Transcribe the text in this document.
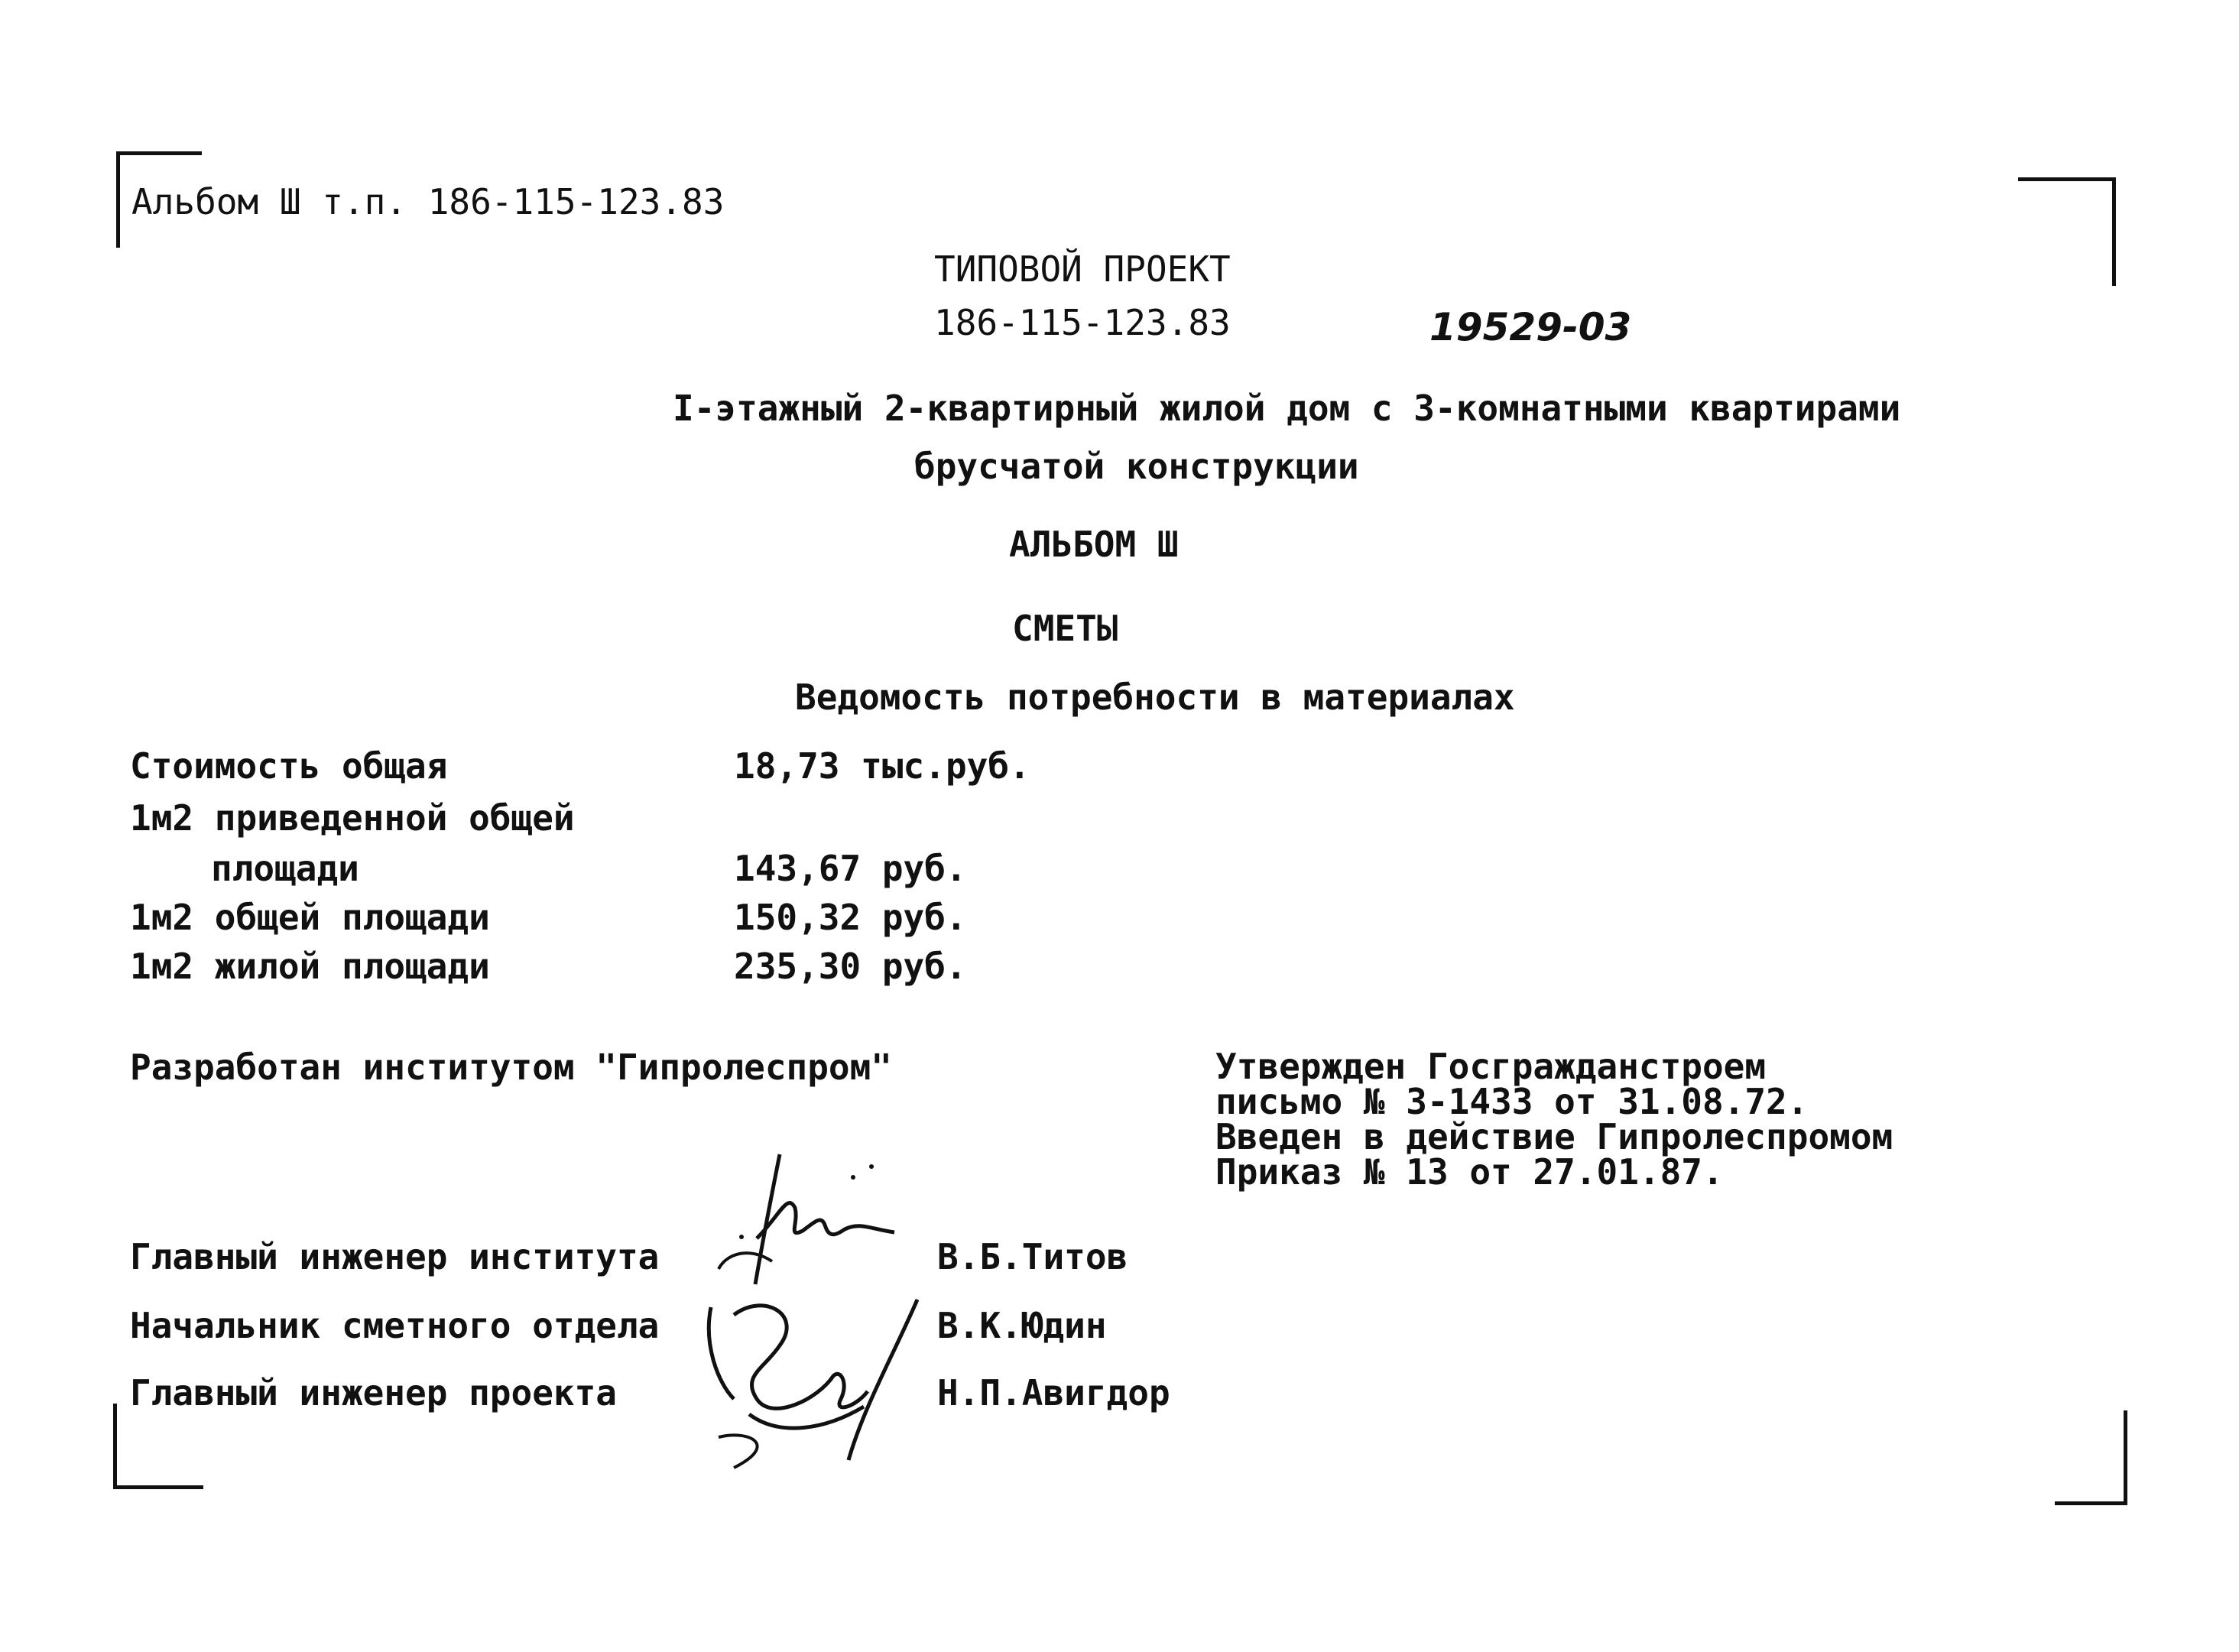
Альбом Ш т.п. 186-115-123.83
ТИПОВОЙ ПРОЕКТ
186-115-123.83	19529-03
I-этажный 2-квартирный жилой дом с 3-комнатными квартирами
брусчатой конструкции
АЛЬБОМ Ш
СМЕТЫ
Ведомость потребности в материалах
Стоимость общая	18,73 тыс.руб.
1м2 приведенной общей
площади	143,67 руб.
1м2 общей площади	150,32 руб.
1м2 жилой площади	235,30 руб.
Разработан институтом "Гипролеспром"	Утвержден Госгражданстроем
письмо № 3-1433 от 31.08.72.
Введен в действие Гипролеспромом
Приказ № 13 от 27.01.87.
Главный инженер института	В.Б.Титов
Начальник сметного отдела	В.К.Юдин
Главный инженер проекта	Н.П.Авигдор
